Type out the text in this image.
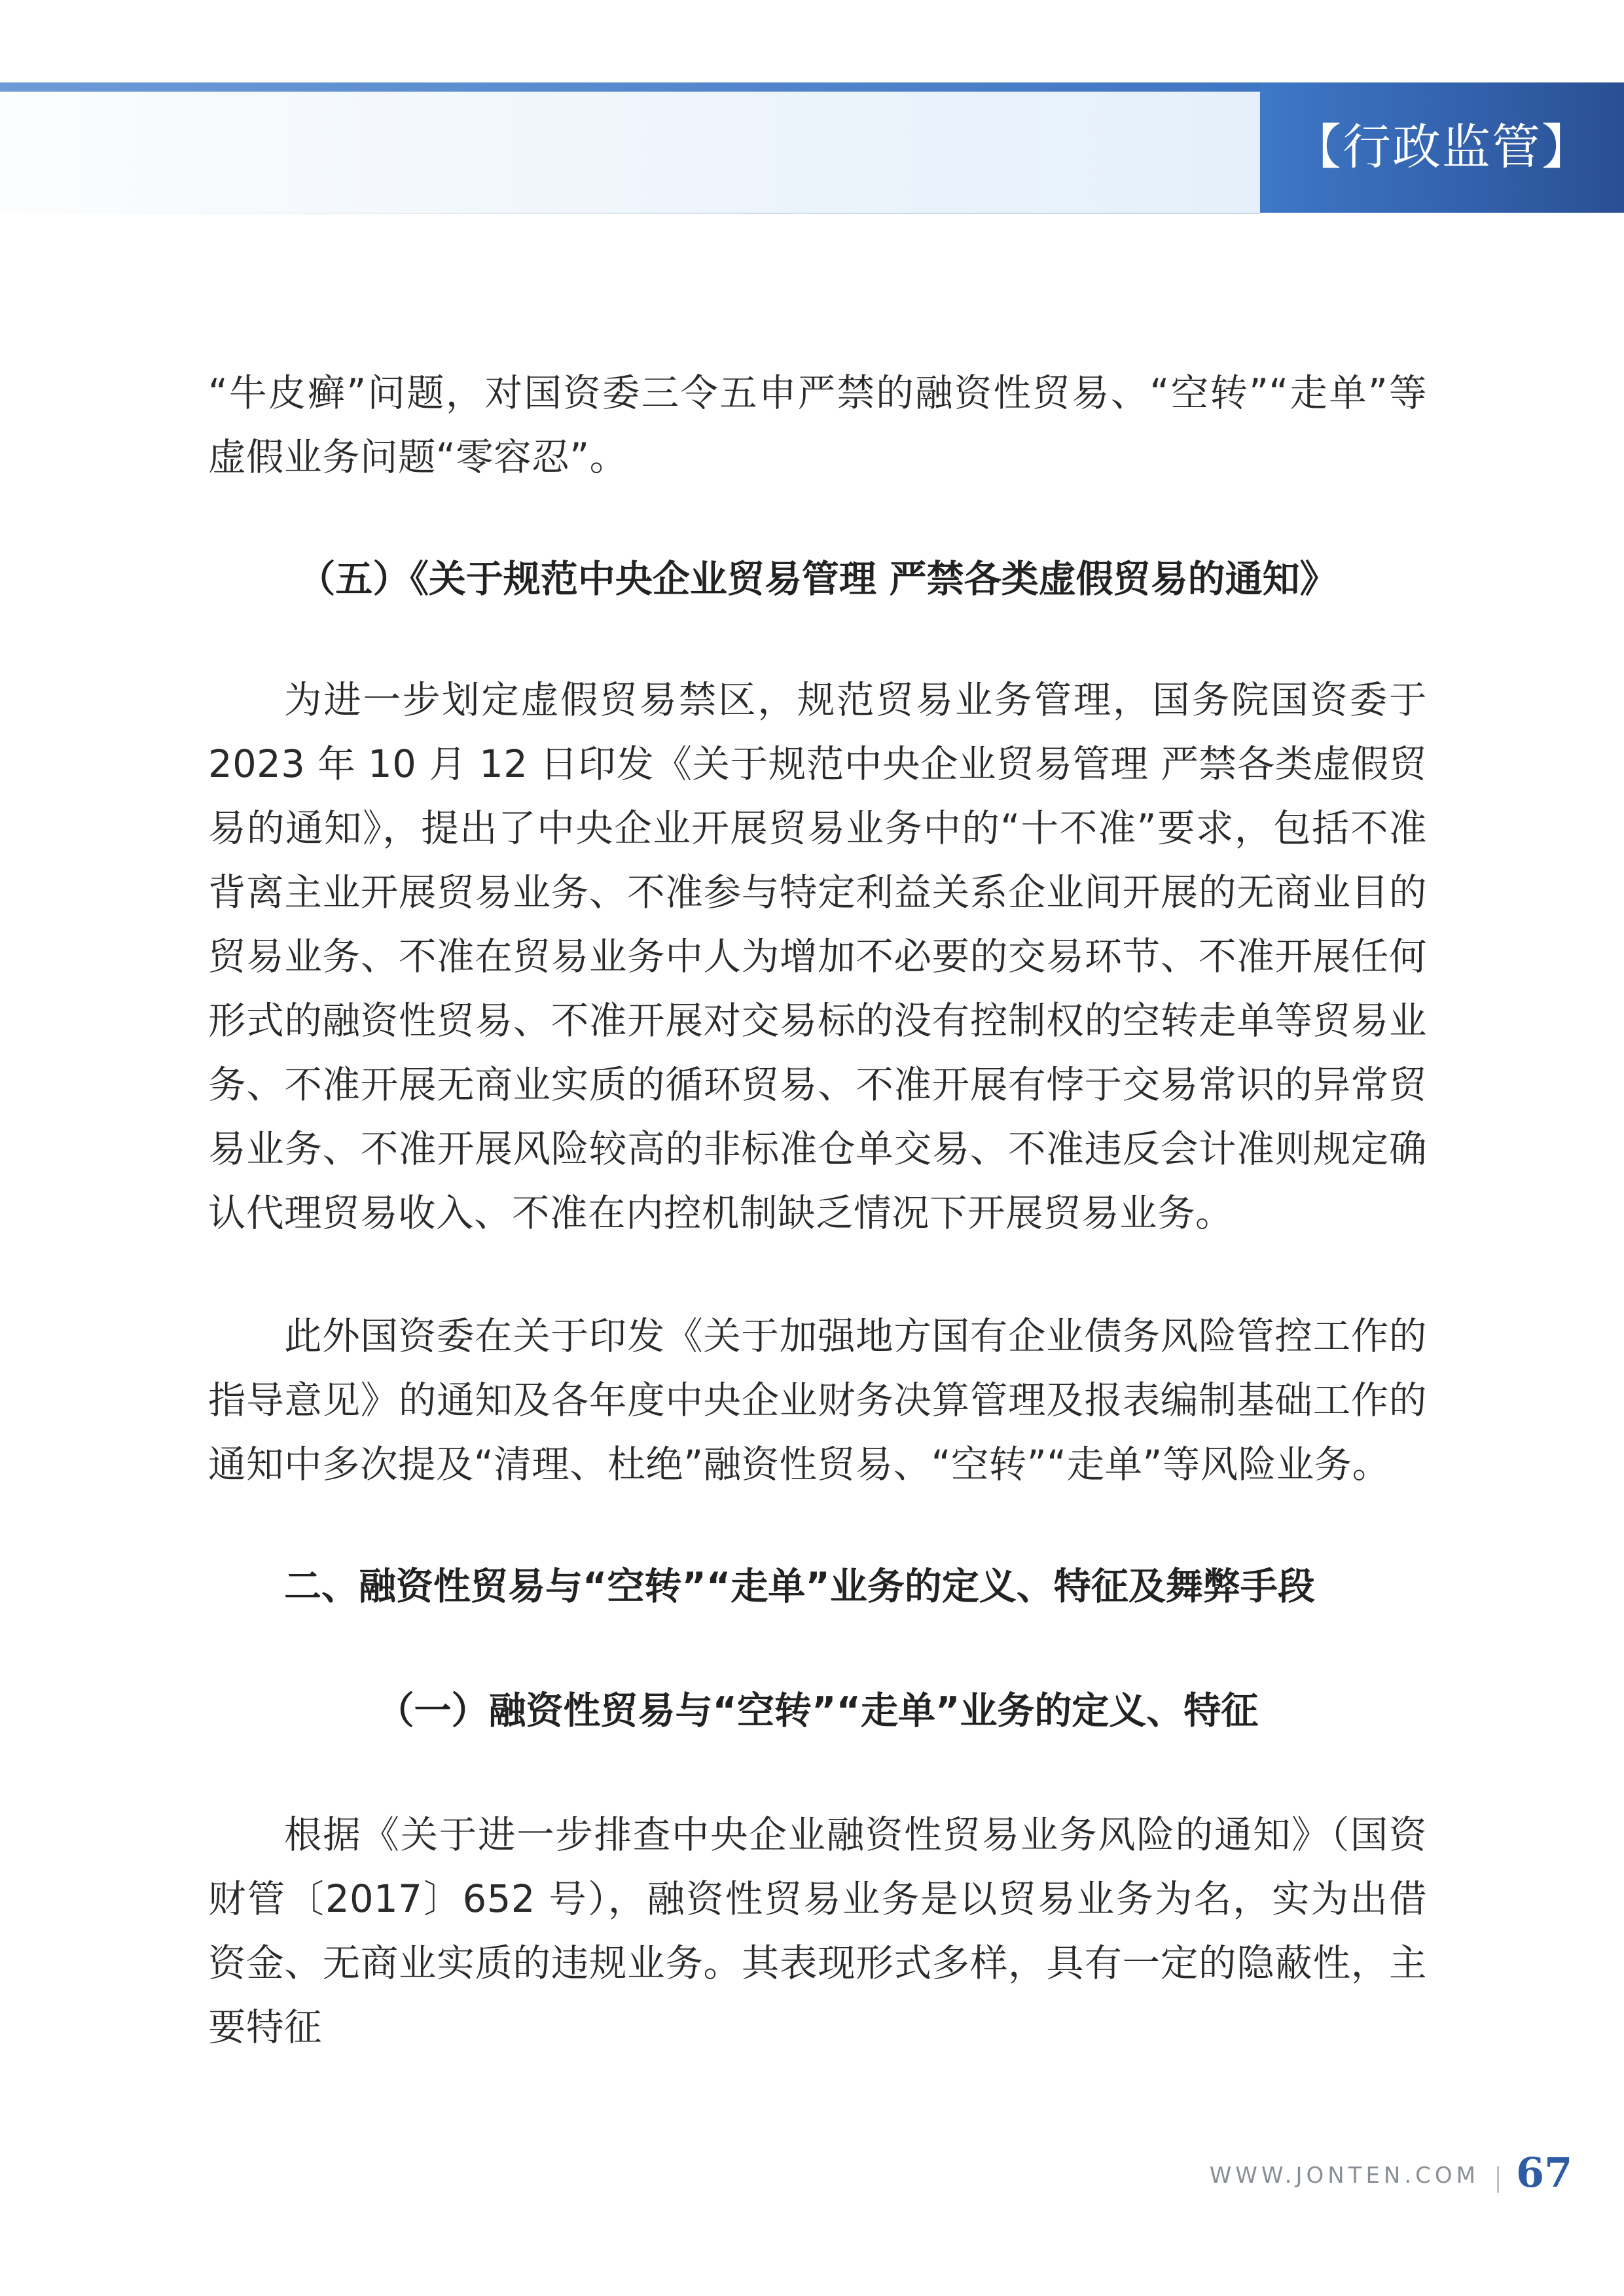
【行政监管】

“牛皮癣”问题，对国资委三令五申严禁的融资性贸易、“空转”“走单”等虚假业务问题“零容忍”。

（五）《关于规范中央企业贸易管理 严禁各类虚假贸易的通知》

为进一步划定虚假贸易禁区，规范贸易业务管理，国务院国资委于 2023 年 10 月 12 日印发《关于规范中央企业贸易管理 严禁各类虚假贸易的通知》，提出了中央企业开展贸易业务中的“十不准”要求，包括不准背离主业开展贸易业务、不准参与特定利益关系企业间开展的无商业目的贸易业务、不准在贸易业务中人为增加不必要的交易环节、不准开展任何形式的融资性贸易、不准开展对交易标的没有控制权的空转走单等贸易业务、不准开展无商业实质的循环贸易、不准开展有悖于交易常识的异常贸易业务、不准开展风险较高的非标准仓单交易、不准违反会计准则规定确认代理贸易收入、不准在内控机制缺乏情况下开展贸易业务。

此外国资委在关于印发《关于加强地方国有企业债务风险管控工作的指导意见》的通知及各年度中央企业财务决算管理及报表编制基础工作的通知中多次提及“清理、杜绝”融资性贸易、“空转”“走单”等风险业务。

二、融资性贸易与“空转”“走单”业务的定义、特征及舞弊手段

（一）融资性贸易与“空转”“走单”业务的定义、特征

根据《关于进一步排查中央企业融资性贸易业务风险的通知》（国资财管〔2017〕652 号），融资性贸易业务是以贸易业务为名，实为出借资金、无商业实质的违规业务。其表现形式多样，具有一定的隐蔽性，主要特征

WWW.JONTEN.COM 67
